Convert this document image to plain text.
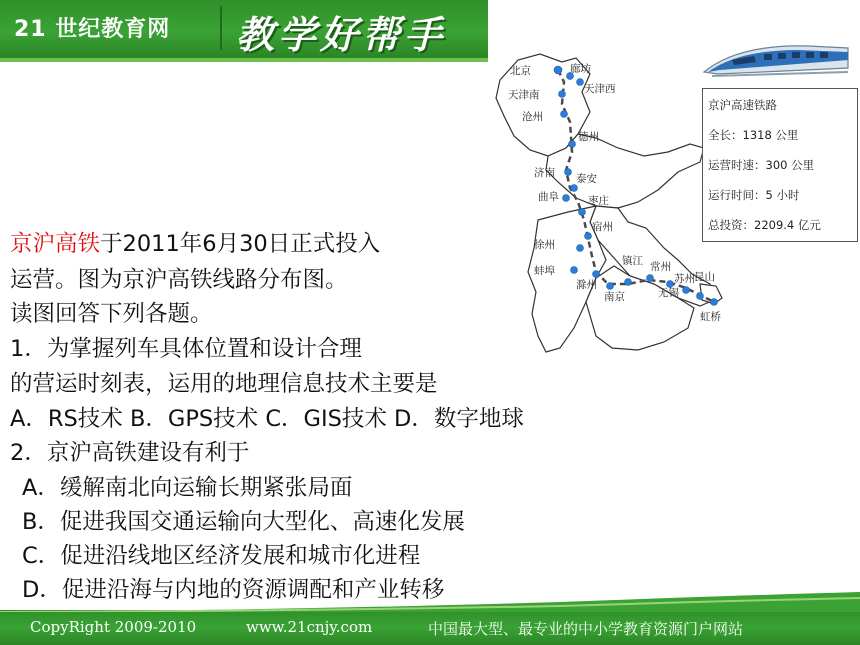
21 世纪教育网 教学好帮手
北京	廊坊
天津西
天津南
沧州
德州
济南 泰安
曲阜	枣庄
宿州
徐州
蚌埠
滁州
南京
镇江 常州
无锡
苏州 昆山
虹桥
京沪高速铁路
全长：1318 公里
运营时速：300 公里
运行时间：5 小时
总投资：2209.4 亿元
京沪高铁于2011年6月30日正式投入
运营。图为京沪高铁线路分布图。
读图回答下列各题。
1．为掌握列车具体位置和设计合理
的营运时刻表，运用的地理信息技术主要是
A．RS技术 B．GPS技术 C．GIS技术 D．数字地球
2．京沪高铁建设有利于
A．缓解南北向运输长期紧张局面
B．促进我国交通运输向大型化、高速化发展
C．促进沿线地区经济发展和城市化进程
D．促进沿海与内地的资源调配和产业转移
CopyRight 2009-2010	www.21cnjy.com	中国最大型、最专业的中小学教育资源门户网站
